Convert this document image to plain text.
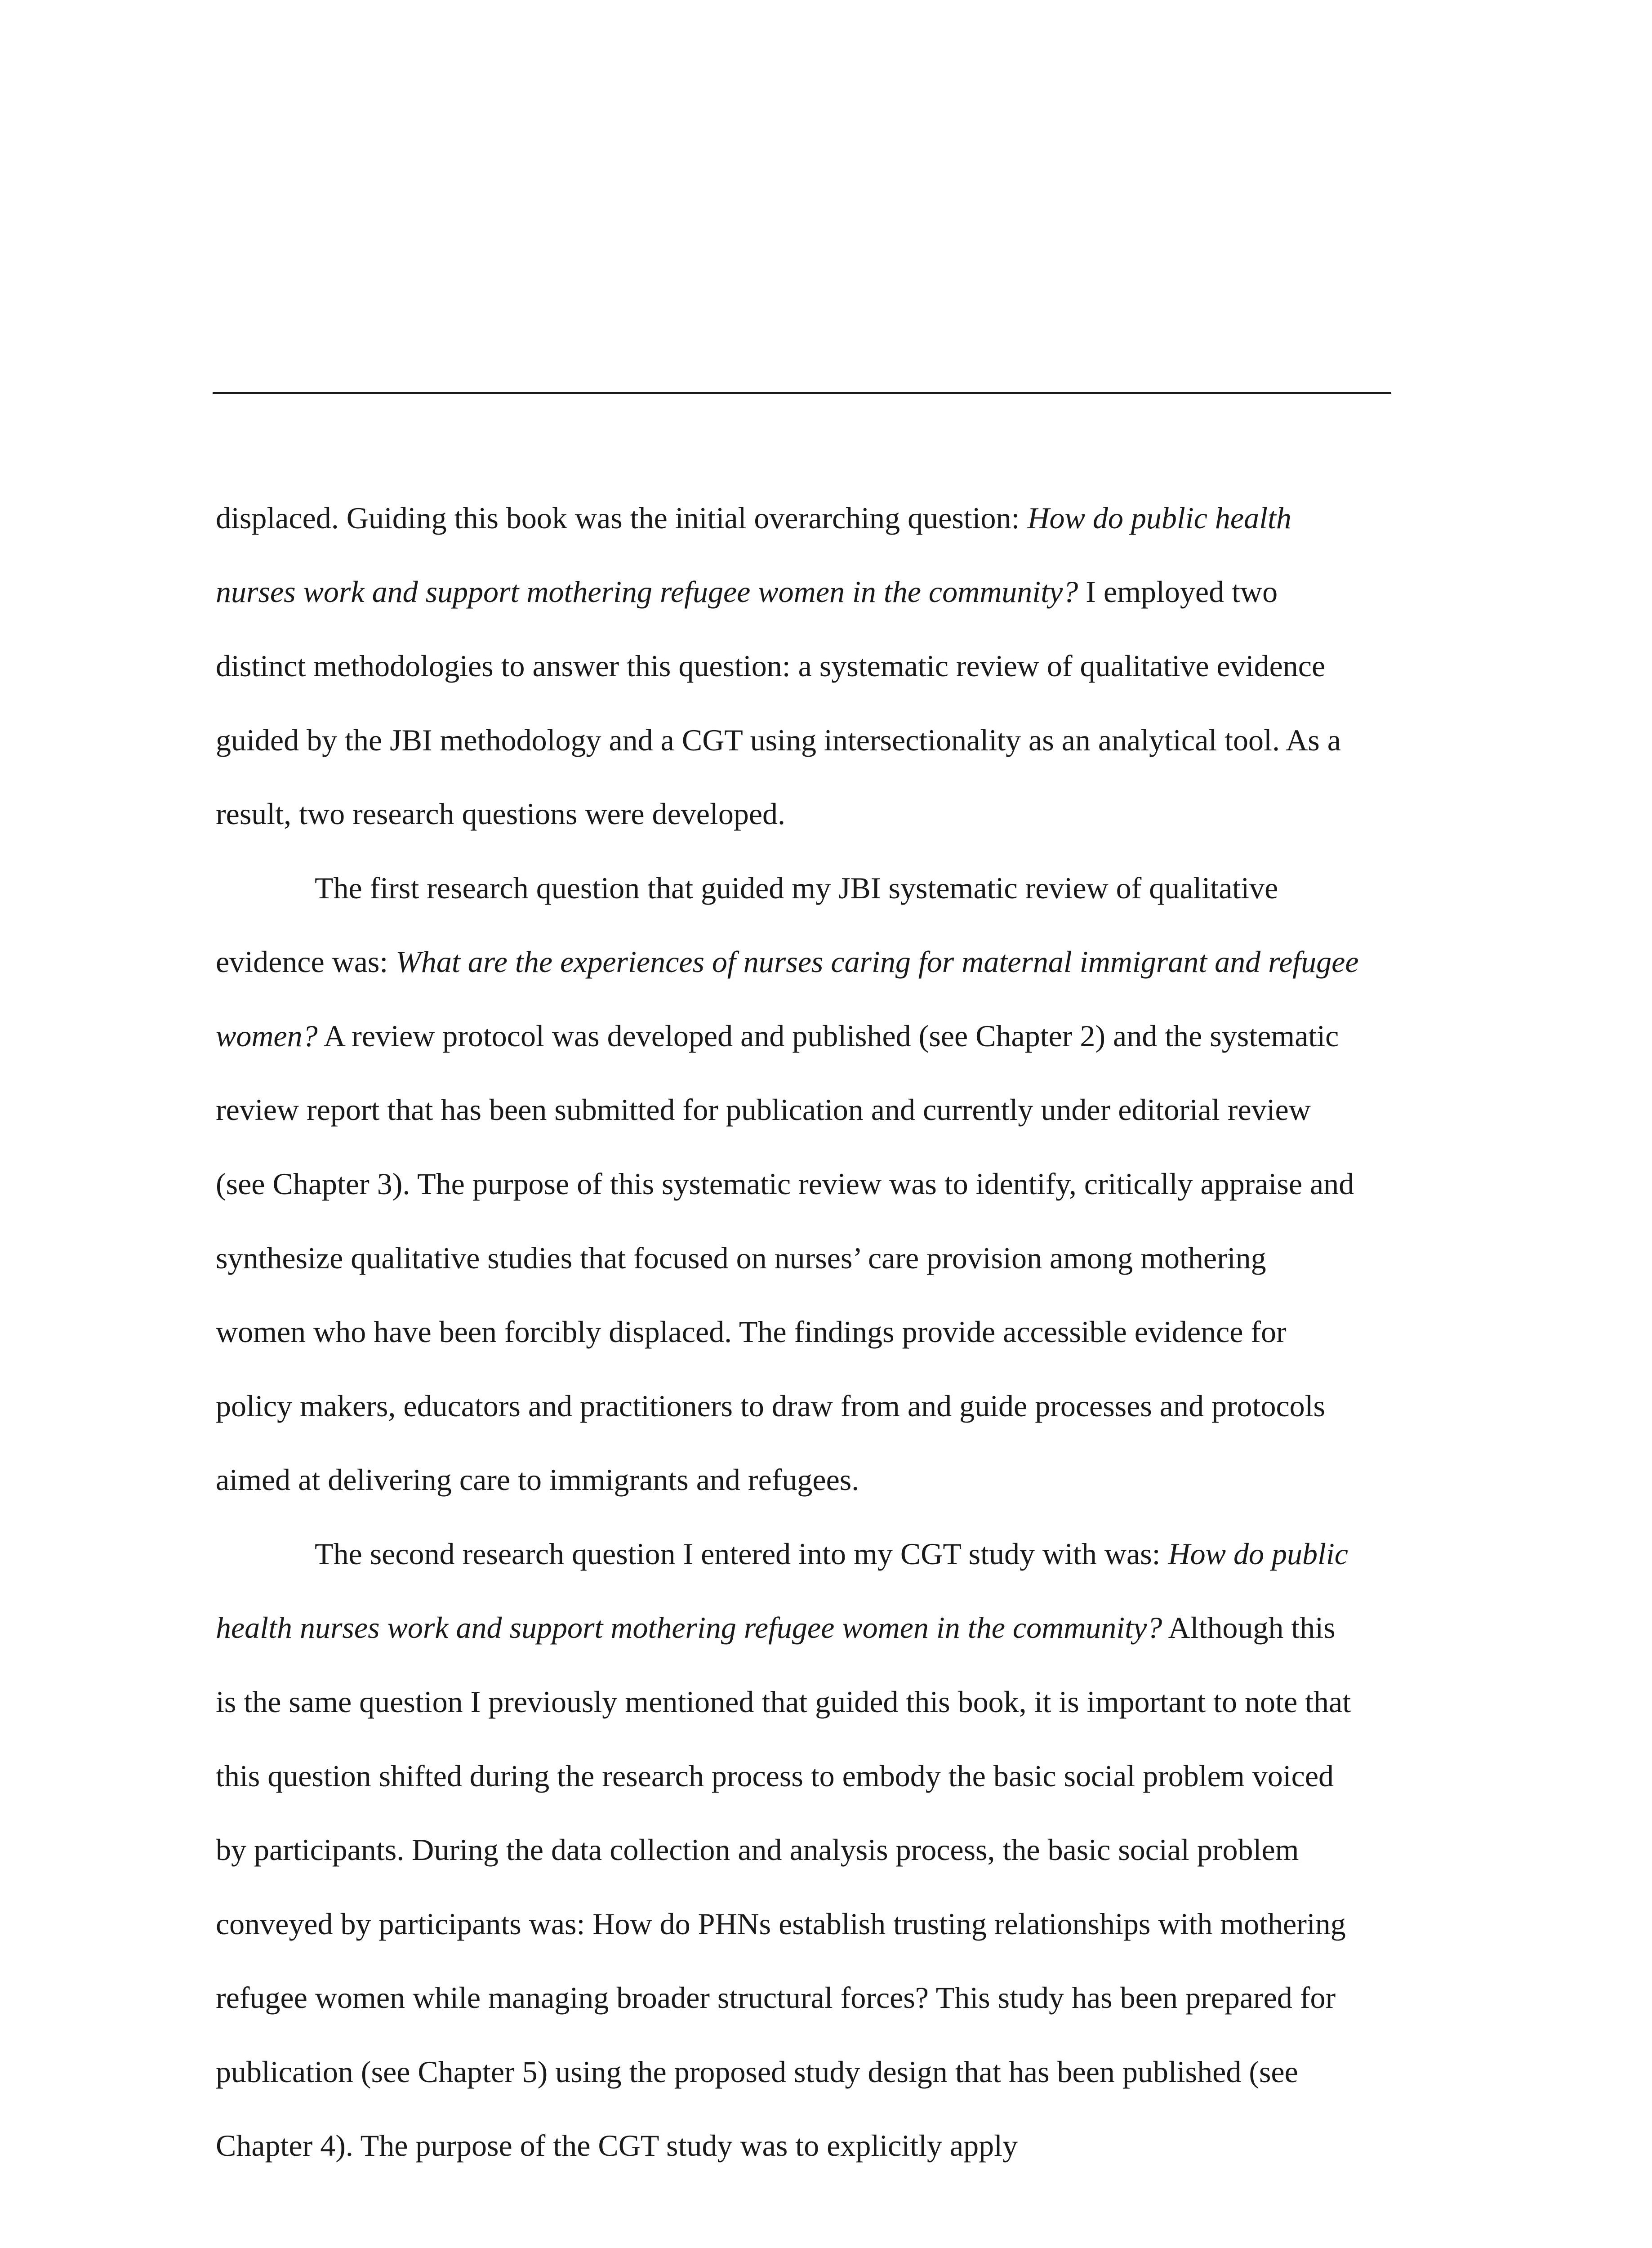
displaced. Guiding this book was the initial overarching question: How do public health
nurses work and support mothering refugee women in the community? I employed two
distinct methodologies to answer this question: a systematic review of qualitative evidence
guided by the JBI methodology and a CGT using intersectionality as an analytical tool. As a
result, two research questions were developed.
The first research question that guided my JBI systematic review of qualitative
evidence was: What are the experiences of nurses caring for maternal immigrant and refugee
women? A review protocol was developed and published (see Chapter 2) and the systematic
review report that has been submitted for publication and currently under editorial review
(see Chapter 3). The purpose of this systematic review was to identify, critically appraise and
synthesize qualitative studies that focused on nurses’ care provision among mothering
women who have been forcibly displaced. The findings provide accessible evidence for
policy makers, educators and practitioners to draw from and guide processes and protocols
aimed at delivering care to immigrants and refugees.
The second research question I entered into my CGT study with was: How do public
health nurses work and support mothering refugee women in the community? Although this
is the same question I previously mentioned that guided this book, it is important to note that
this question shifted during the research process to embody the basic social problem voiced
by participants. During the data collection and analysis process, the basic social problem
conveyed by participants was: How do PHNs establish trusting relationships with mothering
refugee women while managing broader structural forces? This study has been prepared for
publication (see Chapter 5) using the proposed study design that has been published (see
Chapter 4). The purpose of the CGT study was to explicitly apply
